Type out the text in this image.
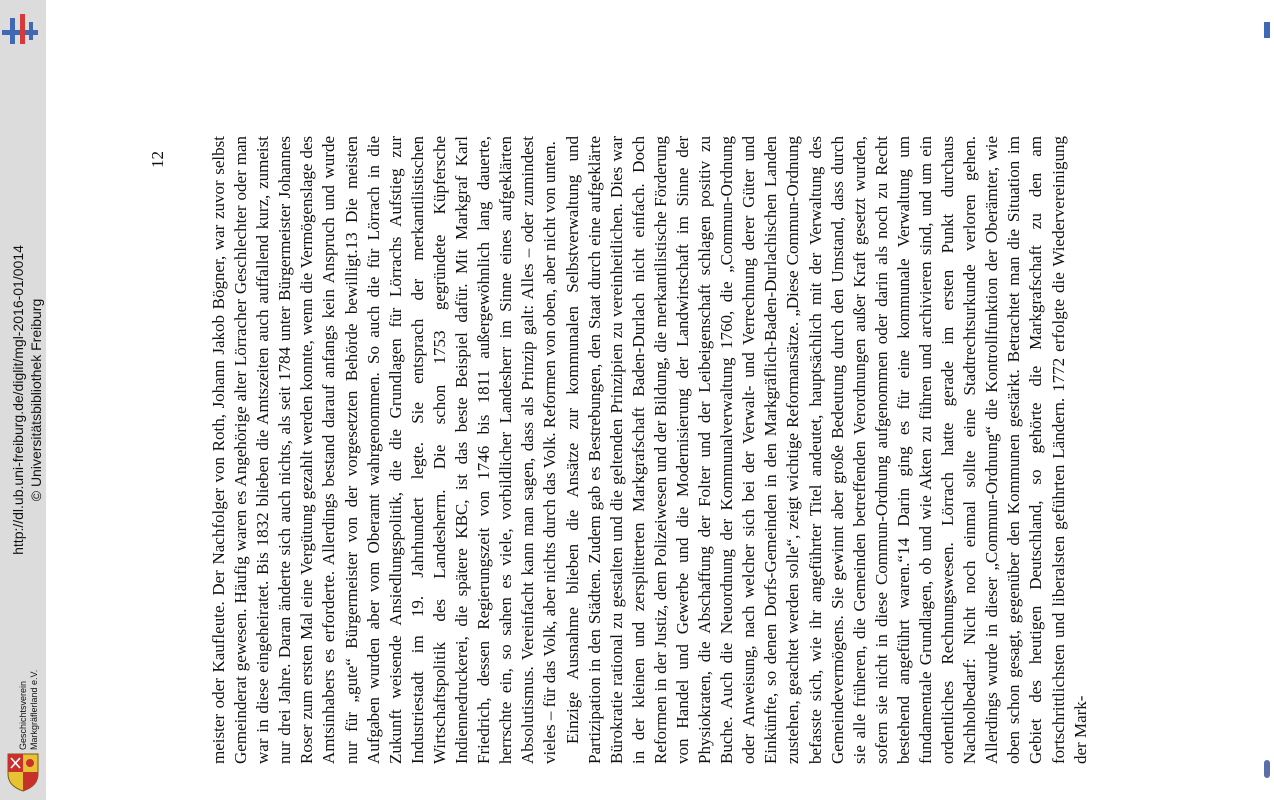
http://dl.ub.uni-freiburg.de/diglit/mgl-2016-01/0014 © Universitätsbibliothek Freiburg
Geschichtsverein Markgräflerland e.V.
12 meister oder Kaufleute. Der Nachfolger von Roth, Johann Jakob Bögner, war zuvor selbst Gemeinderat gewesen. Häufig waren es Angehörige alter Lörracher Geschlechter oder man war in diese eingeheiratet. Bis 1832 blieben die Amtszeiten auch auffallend kurz, zumeist nur drei Jahre. Daran änderte sich auch nichts, als seit 1784 unter Bürgermeister Johannes Roser zum ersten Mal eine Vergütung gezahlt werden konnte, wenn die Vermögenslage des Amtsinhabers es erforderte. Allerdings bestand darauf anfangs kein Anspruch und wurde nur für „gute“ Bürgermeister von der vorgesetzten Behörde bewilligt.13 Die meisten Aufgaben wurden aber vom Oberamt wahrgenommen. So auch die für Lörrach in die Zukunft weisende Ansiedlungspolitik, die die Grundlagen für Lörrachs Aufstieg zur Industriestadt im 19. Jahrhundert legte. Sie entsprach der merkantilistischen Wirtschaftspolitik des Landesherrn. Die schon 1753 gegründete Küpfersche Indiennedruckerei, die spätere KBC, ist das beste Beispiel dafür. Mit Markgraf Karl Friedrich, dessen Regierungszeit von 1746 bis 1811 außergewöhnlich lang dauerte, herrschte ein, so sahen es viele, vorbildlicher Landesherr im Sinne eines aufgeklärten Absolutismus. Vereinfacht kann man sagen, dass als Prinzip galt: Alles – oder zumindest vieles – für das Volk, aber nichts durch das Volk. Reformen von oben, aber nicht von unten. Einzige Ausnahme blieben die Ansätze zur kommunalen Selbstverwaltung und Partizipation in den Städten. Zudem gab es Bestrebungen, den Staat durch eine aufgeklärte Bürokratie rational zu gestalten und die geltenden Prinzipien zu vereinheitlichen. Dies war in der kleinen und zersplitterten Markgrafschaft Baden-Durlach nicht einfach. Doch Reformen in der Justiz, dem Polizeiwesen und der Bildung, die merkantilistische Förderung von Handel und Gewerbe und die Modernisierung der Landwirtschaft im Sinne der Physiokraten, die Abschaffung der Folter und der Leibeigenschaft schlagen positiv zu Buche. Auch die Neuordnung der Kommunalverwaltung 1760, die „Commun-Ordnung oder Anweisung, nach welcher sich bei der Verwalt- und Verrechnung derer Güter und Einkünfte, so denen Dorfs-Gemeinden in den Markgräflich-Baden-Durlachischen Landen zustehen, geachtet werden solle“, zeigt wichtige Reformansätze. „Diese Commun-Ordnung befasste sich, wie ihr angeführter Titel andeutet, hauptsächlich mit der Verwaltung des Gemeindevermögens. Sie gewinnt aber große Bedeutung durch den Umstand, dass durch sie alle früheren, die Gemeinden betreffenden Verordnungen außer Kraft gesetzt wurden, sofern sie nicht in diese Commun-Ordnung aufgenommen oder darin als noch zu Recht bestehend angeführt waren.“14 Darin ging es für eine kommunale Verwaltung um fundamentale Grundlagen, ob und wie Akten zu führen und archivieren sind, und um ein ordentliches Rechnungswesen. Lörrach hatte gerade im ersten Punkt durchaus Nachholbedarf: Nicht noch einmal sollte eine Stadtrechtsurkunde verloren gehen. Allerdings wurde in dieser „Commun-Ordnung“ die Kontrollfunktion der Oberämter, wie oben schon gesagt, gegenüber den Kommunen gestärkt. Betrachtet man die Situation im Gebiet des heutigen Deutschland, so gehörte die Markgrafschaft zu den am fortschrittlichsten und liberalsten geführten Ländern. 1772 erfolgte die Wiedervereinigung der Mark-
